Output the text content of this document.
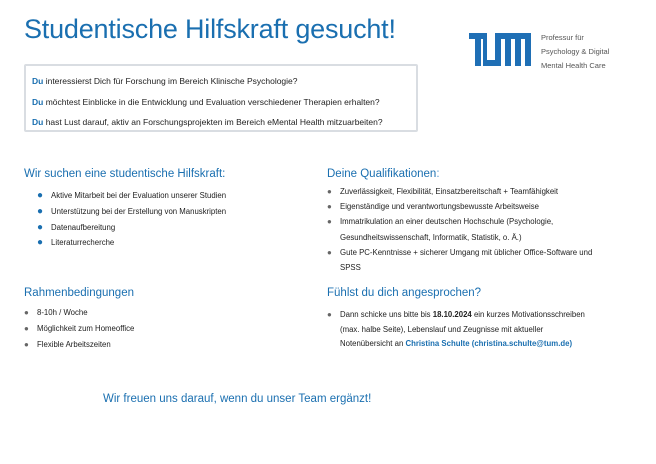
Studentische Hilfskraft gesucht!	Professur für
Psychology & Digital
Mental Health Care
Du interessierst Dich für Forschung im Bereich Klinische Psychologie?
Du möchtest Einblicke in die Entwicklung und Evaluation verschiedener Therapien erhalten?
Du hast Lust darauf, aktiv an Forschungsprojekten im Bereich eMental Health mitzuarbeiten?
Wir suchen eine studentische Hilfskraft:
● Aktive Mitarbeit bei der Evaluation unserer Studien
● Unterstützung bei der Erstellung von Manuskripten
● Datenaufbereitung
● Literaturrecherche
Deine Qualifikationen:
● Zuverlässigkeit, Flexibilität, Einsatzbereitschaft + Teamfähigkeit
● Eigenständige und verantwortungsbewusste Arbeitsweise
● Immatrikulation an einer deutschen Hochschule (Psychologie,
Gesundheitswissenschaft, Informatik, Statistik, o. Ä.)
● Gute PC-Kenntnisse + sicherer Umgang mit üblicher Office-Software und
SPSS
Rahmenbedingungen
● 8-10h / Woche
● Möglichkeit zum Homeoffice
● Flexible Arbeitszeiten
Fühlst du dich angesprochen?
●	Dann schicke uns bitte bis 18.10.2024 ein kurzes Motivationsschreiben
(max. halbe Seite), Lebenslauf und Zeugnisse mit aktueller
Notenübersicht an Christina Schulte (christina.schulte@tum.de)
Wir freuen uns darauf, wenn du unser Team ergänzt!
